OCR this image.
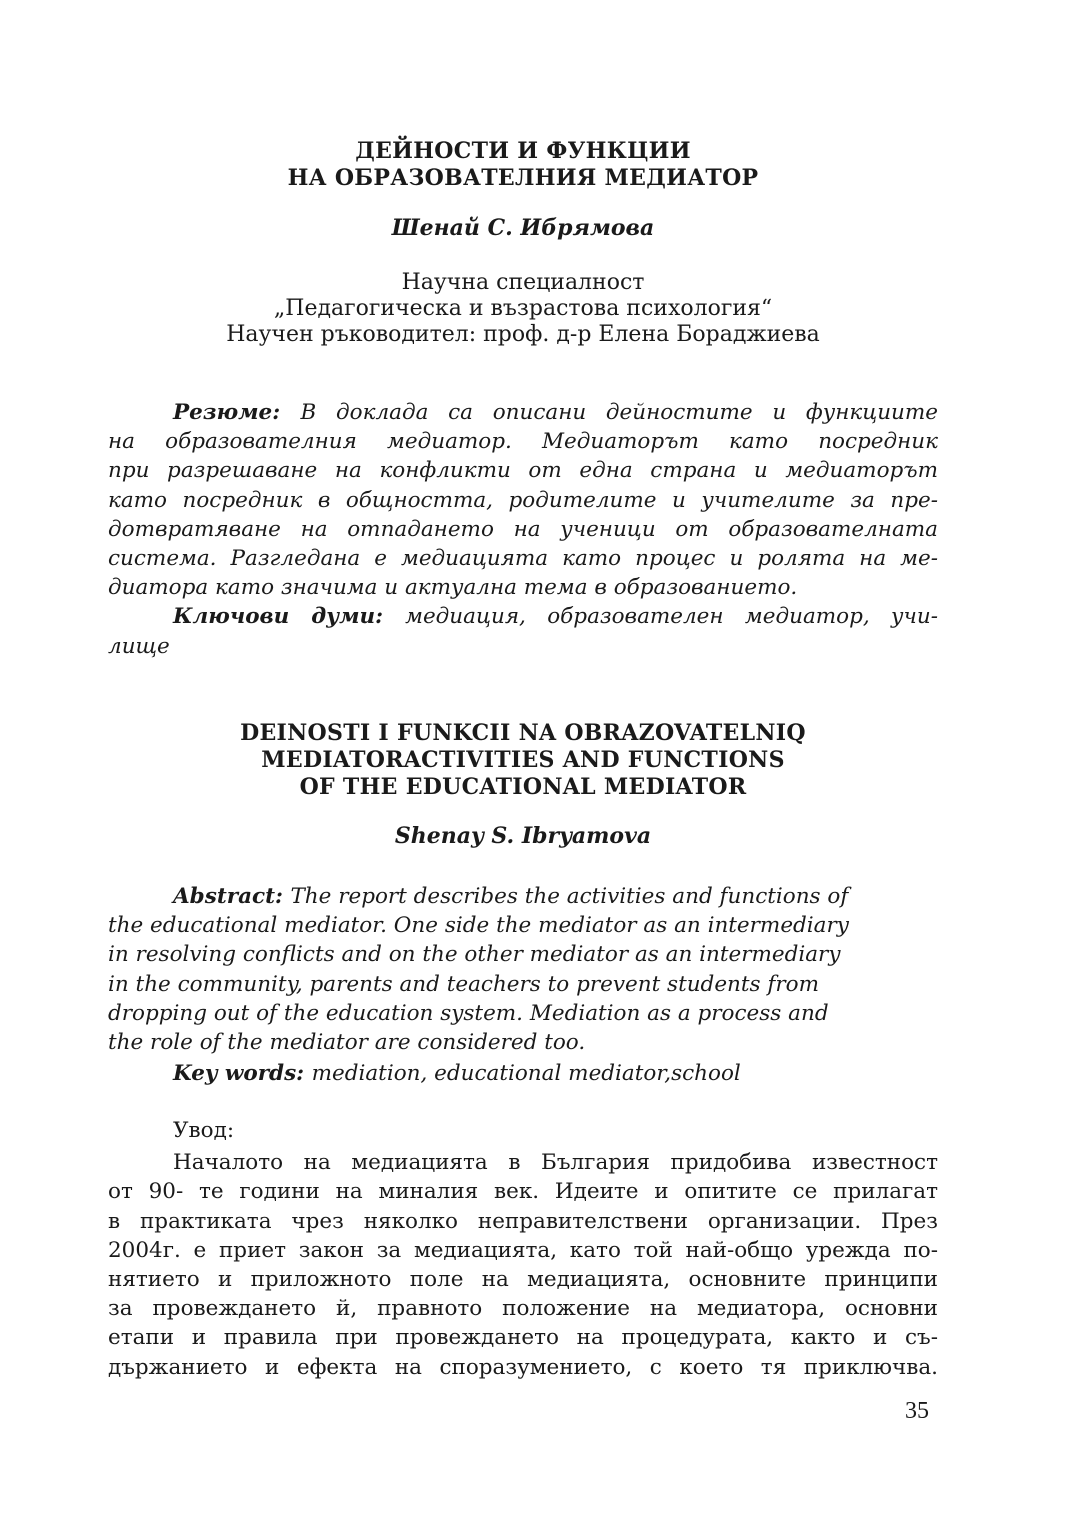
ДЕЙНОСТИ И ФУНКЦИИ
НА ОБРАЗОВАТЕЛНИЯ МЕДИАТОР
Шенай С. Ибрямова
Научна специалност
„Педагогическа и възрастова психология“
Научен ръководител: проф. д-р Елена Бораджиева
Резюме: В доклада са описани дейностите и функциите
на образователния медиатор. Медиаторът като посредник
при разрешаване на конфликти от една страна и медиаторът
като посредник в общността, родителите и учителите за пре-
дотвратяване на отпадането на ученици от образователната
система. Разгледана е медиацията като процес и ролята на ме-
диатора като значима и актуална тема в образованието.
Ключови думи: медиация, образователен медиатор, учи-
лище
DEINOSTI I FUNKCII NA OBRAZOVATELNIQ
MEDIATORACTIVITIES AND FUNCTIONS
OF THE EDUCATIONAL MEDIATOR
Shenay S. Ibryamova
Abstract: The report describes the activities and functions of
the educational mediator. One side the mediator as an intermediary
in resolving conflicts and on the other mediator as an intermediary
in the community, parents and teachers to prevent students from
dropping out of the education system. Mediation as a process and
the role of the mediator are considered too.
Key words: mediation, educational mediator,school
Увод:
Началото на медиацията в България придобива известност
от 90- те години на миналия век. Идеите и опитите се прилагат
в практиката чрез няколко неправителствени организации. През
2004г. е приет закон за медиацията, като той най-общо урежда по-
нятието и приложното поле на медиацията, основните принципи
за провеждането й, правното положение на медиатора, основни
етапи и правила при провеждането на процедурата, както и съ-
държанието и ефекта на споразумението, с което тя приключва.
35
